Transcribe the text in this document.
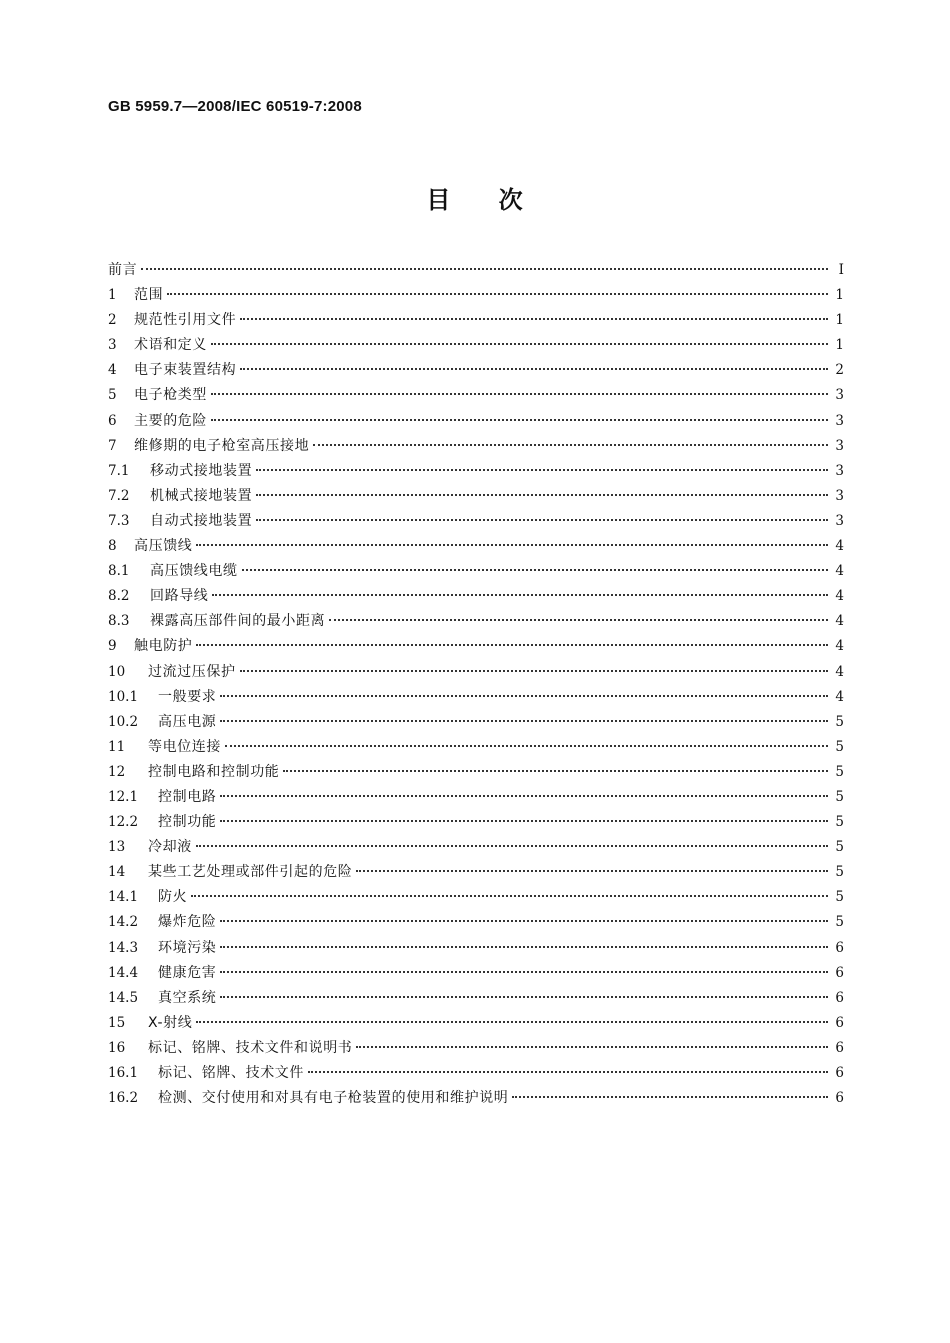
GB 5959.7—2008/IEC 60519-7:2008
目 次
前言	Ⅰ
1	范围	1
2	规范性引用文件	1
3	术语和定义	1
4	电子束装置结构	2
5	电子枪类型	3
6	主要的危险	3
7	维修期的电子枪室高压接地	3
7.1	移动式接地装置	3
7.2	机械式接地装置	3
7.3	自动式接地装置	3
8	高压馈线	4
8.1	高压馈线电缆	4
8.2	回路导线	4
8.3	裸露高压部件间的最小距离	4
9	触电防护	4
10	过流过压保护	4
10.1	一般要求	4
10.2	高压电源	5
11	等电位连接	5
12	控制电路和控制功能	5
12.1	控制电路	5
12.2	控制功能	5
13	冷却液	5
14	某些工艺处理或部件引起的危险	5
14.1	防火	5
14.2	爆炸危险	5
14.3	环境污染	6
14.4	健康危害	6
14.5	真空系统	6
15	X-射线	6
16	标记、铭牌、技术文件和说明书	6
16.1	标记、铭牌、技术文件	6
16.2	检测、交付使用和对具有电子枪装置的使用和维护说明	6
